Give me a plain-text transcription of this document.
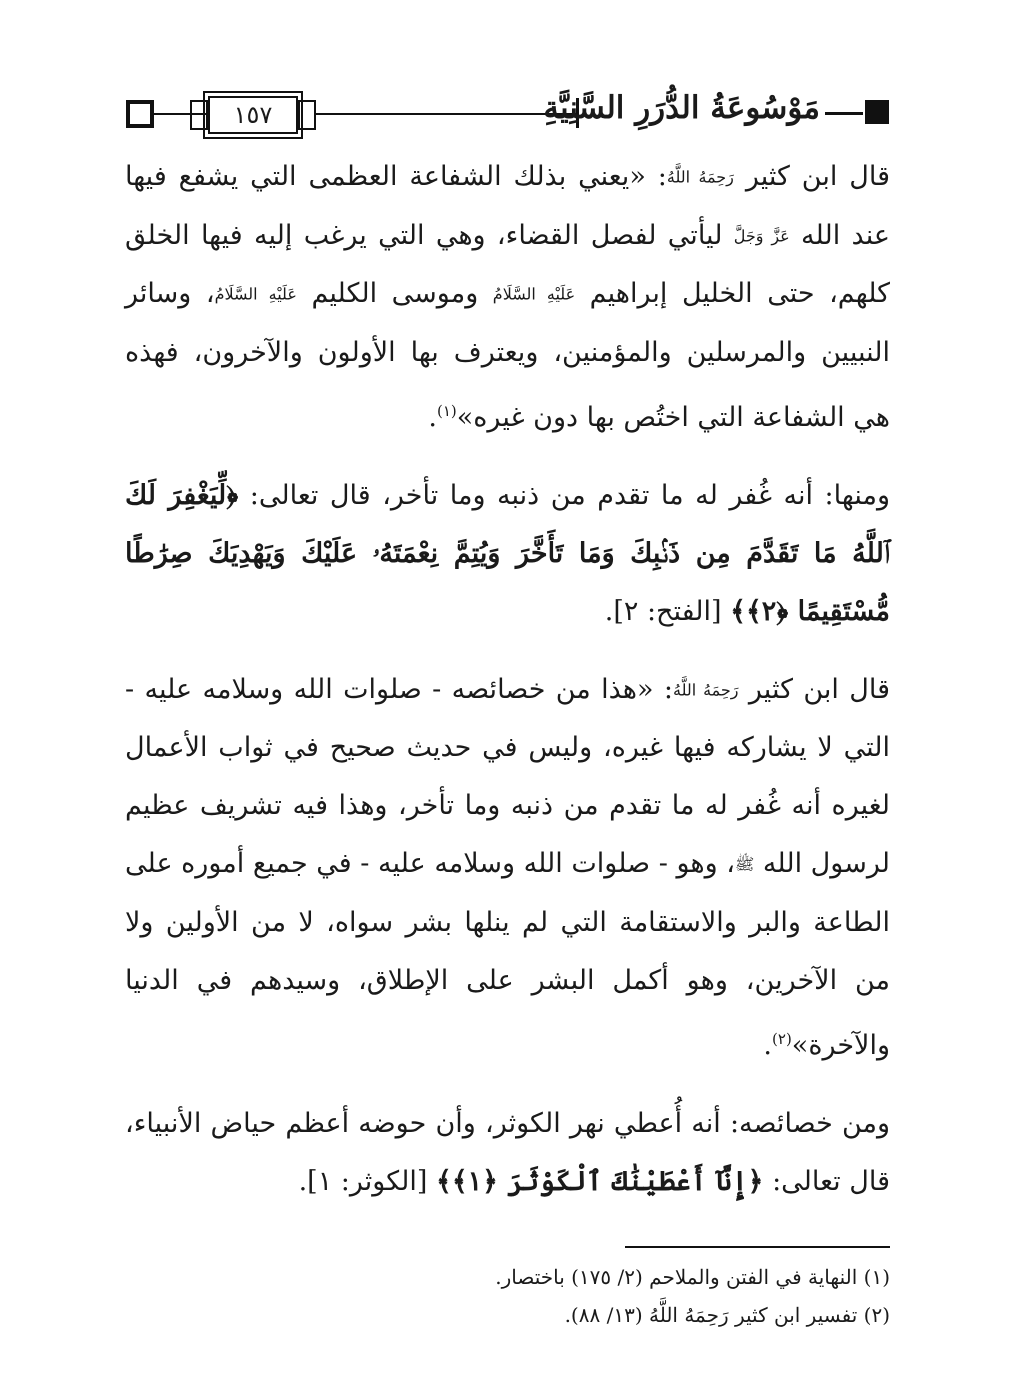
١٥٧	مَوْسُوعَةُ الدُّرَرِ السَّنِيَّةِ

قال ابن كثير رَحِمَهُ اللَّهُ: «يعني بذلك الشفاعة العظمى التي يشفع فيها عند الله عَزَّ وَجَلَّ ليأتي لفصل القضاء، وهي التي يرغب إليه فيها الخلق كلهم، حتى الخليل إبراهيم عَلَيْهِ السَّلَامُ وموسى الكليم عَلَيْهِ السَّلَامُ، وسائر النبيين والمرسلين والمؤمنين، ويعترف بها الأولون والآخرون، فهذه هي الشفاعة التي اختُص بها دون غيره»$^{(١)}$.

ومنها: أنه غُفر له ما تقدم من ذنبه وما تأخر، قال تعالى: ﴿لِّيَغْفِرَ لَكَ ٱللَّهُ مَا تَقَدَّمَ مِن ذَنۢبِكَ وَمَا تَأَخَّرَ وَيُتِمَّ نِعْمَتَهُۥ عَلَيْكَ وَيَهْدِيَكَ صِرَٰطًا مُّسْتَقِيمًا ﴿٢﴾﴾ [الفتح: ٢].

قال ابن كثير رَحِمَهُ اللَّهُ: «هذا من خصائصه - صلوات الله وسلامه عليه - التي لا يشاركه فيها غيره، وليس في حديث صحيح في ثواب الأعمال لغيره أنه غُفر له ما تقدم من ذنبه وما تأخر، وهذا فيه تشريف عظيم لرسول الله ﷺ، وهو - صلوات الله وسلامه عليه - في جميع أموره على الطاعة والبر والاستقامة التي لم ينلها بشر سواه، لا من الأولين ولا من الآخرين، وهو أكمل البشر على الإطلاق، وسيدهم في الدنيا والآخرة»$^{(٢)}$.

ومن خصائصه: أنه أُعطي نهر الكوثر، وأن حوضه أعظم حياض الأنبياء، قال تعالى: ﴿إِنَّآ أَعْطَيْنَٰكَ ٱلْكَوْثَرَ ﴿١﴾﴾ [الكوثر: ١].

(١) النهاية في الفتن والملاحم (٢/ ١٧٥) باختصار.

(٢) تفسير ابن كثير رَحِمَهُ اللَّهُ (١٣/ ٨٨).
